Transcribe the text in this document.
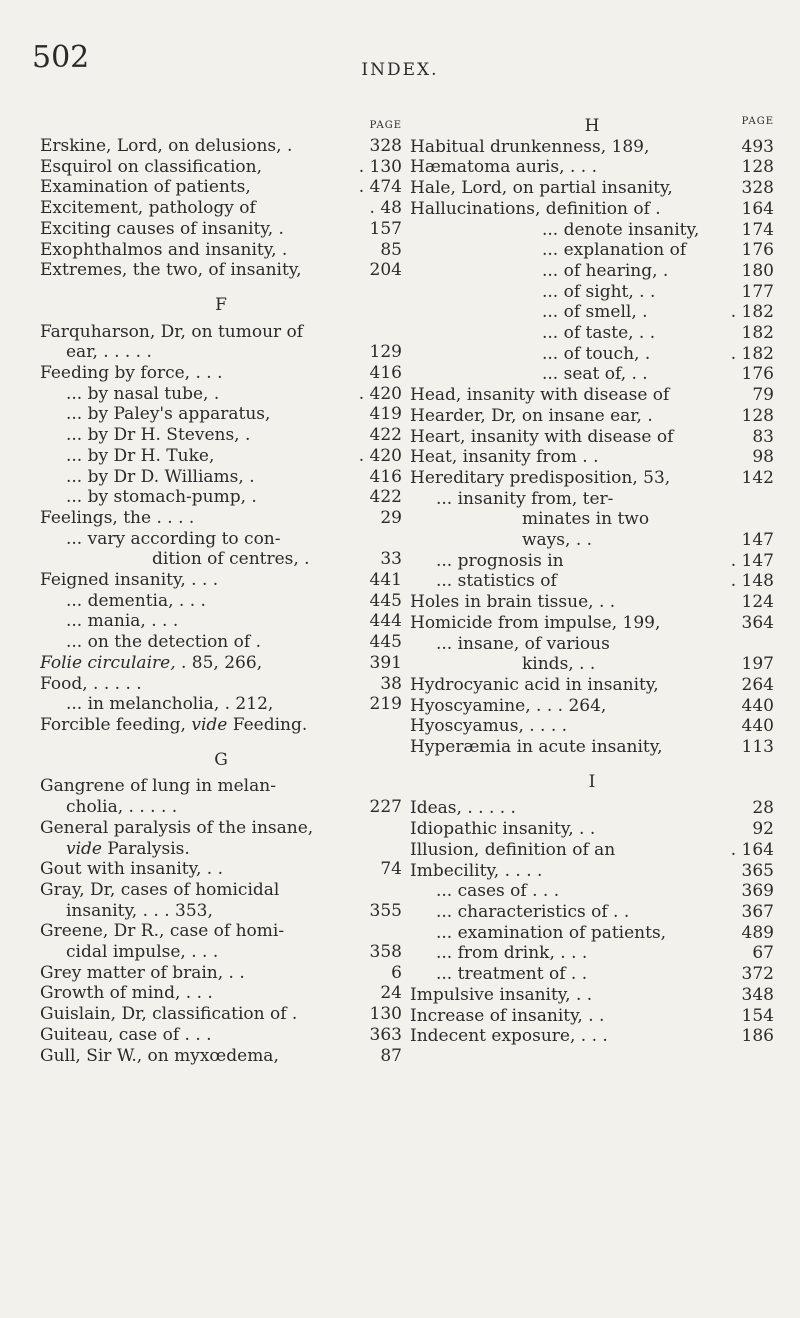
502	INDEX.
PAGE
Erskine, Lord, on delusions, .	328
Esquirol on classification,	. 130
Examination of patients,	. 474
Excitement, pathology of	. 48
Exciting causes of insanity, .	157
Exophthalmos and insanity, .	85
Extremes, the two, of insanity,	204
F
Farquharson, Dr, on tumour of
ear, . . . . .	129
Feeding by force, . . .	416
... by nasal tube, .	. 420
... by Paley's apparatus,	419
... by Dr H. Stevens, .	422
... by Dr H. Tuke,	. 420
... by Dr D. Williams, .	416
... by stomach-pump, .	422
Feelings, the . . . .	29
... vary according to con-
dition of centres, .	33
Feigned insanity, . . .	441
... dementia, . . .	445
... mania, . . .	444
... on the detection of .	445
Folie circulaire, . 85, 266,	391
Food, . . . . .	38
... in melancholia, . 212,	219
Forcible feeding, vide Feeding.
G
Gangrene of lung in melan-
cholia, . . . . .	227
General paralysis of the insane,
vide Paralysis.
Gout with insanity, . .	74
Gray, Dr, cases of homicidal
insanity, . . . 353,	355
Greene, Dr R., case of homi-
cidal impulse, . . .	358
Grey matter of brain, . .	6
Growth of mind, . . .	24
Guislain, Dr, classification of .	130
Guiteau, case of . . .	363
Gull, Sir W., on myxœdema,	87
PAGE
H
Habitual drunkenness, 189,	493
Hæmatoma auris, . . .	128
Hale, Lord, on partial insanity,	328
Hallucinations, definition of .	164
... denote insanity,	174
... explanation of	176
... of hearing, .	180
... of sight, . .	177
... of smell, .	. 182
... of taste, . .	182
... of touch, .	. 182
... seat of, . .	176
Head, insanity with disease of	79
Hearder, Dr, on insane ear, .	128
Heart, insanity with disease of	83
Heat, insanity from . .	98
Hereditary predisposition, 53,	142
... insanity from, ter-
minates in two
ways, . .	147
... prognosis in	. 147
... statistics of	. 148
Holes in brain tissue, . .	124
Homicide from impulse, 199,	364
... insane, of various
kinds, . .	197
Hydrocyanic acid in insanity,	264
Hyoscyamine, . . . 264,	440
Hyoscyamus, . . . .	440
Hyperæmia in acute insanity,	113
I
Ideas, . . . . .	28
Idiopathic insanity, . .	92
Illusion, definition of an	. 164
Imbecility, . . . .	365
... cases of . . .	369
... characteristics of . .	367
... examination of patients,	489
... from drink, . . .	67
... treatment of . .	372
Impulsive insanity, . .	348
Increase of insanity, . .	154
Indecent exposure, . . .	186
